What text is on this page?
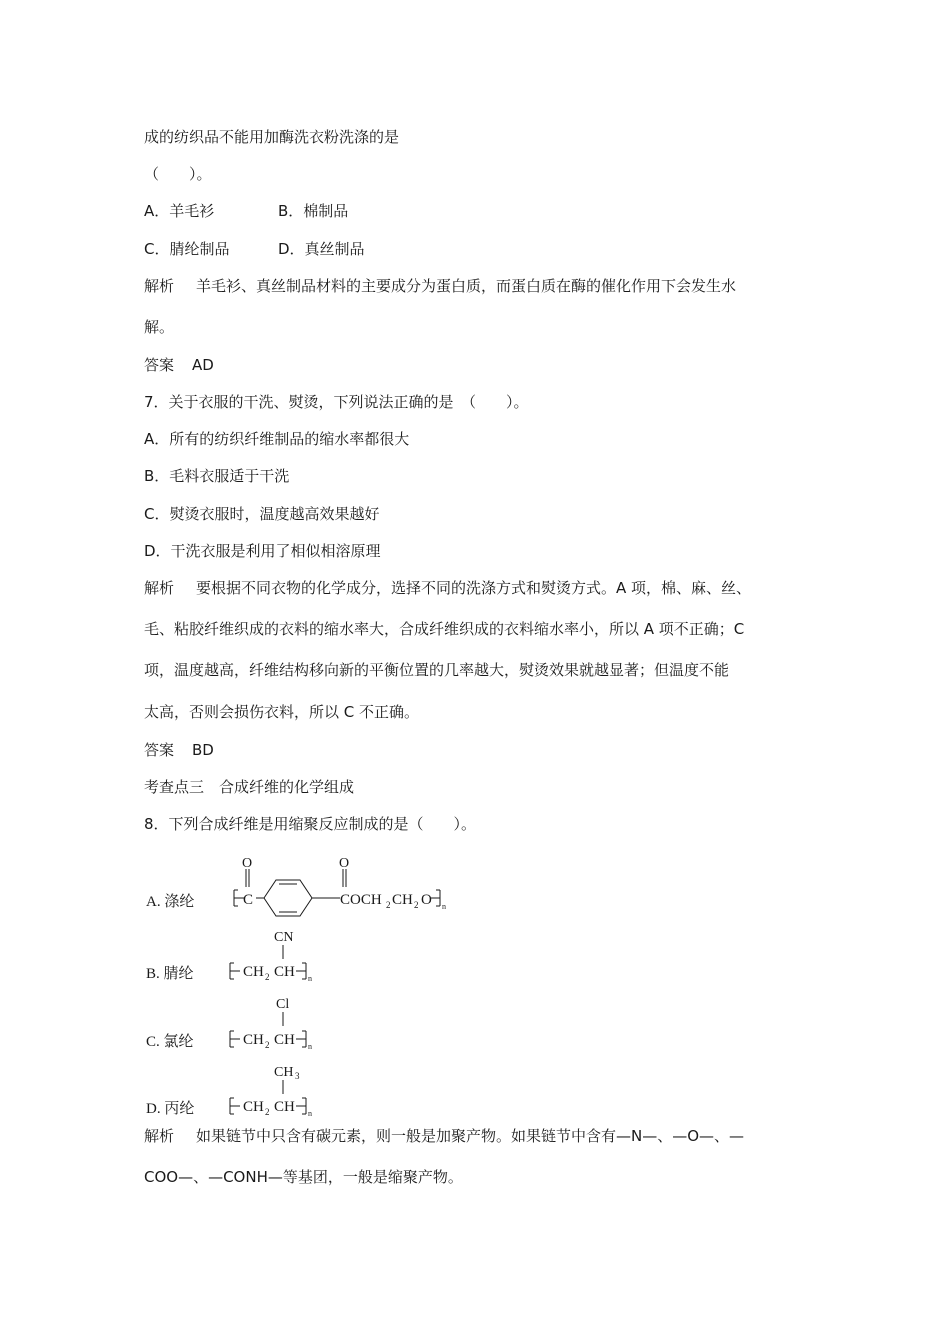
成的纺织品不能用加酶洗衣粉洗涤的是
（　　）。
A．羊毛衫	B．棉制品
C．腈纶制品	D．真丝制品
解析 羊毛衫、真丝制品材料的主要成分为蛋白质，而蛋白质在酶的催化作用下会发生水
解。
答案 AD
7．关于衣服的干洗、熨烫，下列说法正确的是　（　　）。
A．所有的纺织纤维制品的缩水率都很大
B．毛料衣服适于干洗
C．熨烫衣服时，温度越高效果越好
D．干洗衣服是利用了相似相溶原理
解析 要根据不同衣物的化学成分，选择不同的洗涤方式和熨烫方式。A 项，棉、麻、丝、
毛、粘胶纤维织成的衣料的缩水率大，合成纤维织成的衣料缩水率小，所以 A 项不正确；C
项，温度越高，纤维结构移向新的平衡位置的几率越大，熨烫效果就越显著；但温度不能
太高，否则会损伤衣料，所以 C 不正确。
答案 BD
考查点三　合成纤维的化学组成
8．下列合成纤维是用缩聚反应制成的是（　　）。
A. 涤纶
O
C
O
COCH 2 CH 2 O n
B. 腈纶
CN
CH 2 CH n
C. 氯纶
Cl
CH 2 CH n
D. 丙纶
CH 3
CH 2 CH n
解析 如果链节中只含有碳元素，则一般是加聚产物。如果链节中含有—N—、—O—、—
COO—、—CONH—等基团，一般是缩聚产物。
